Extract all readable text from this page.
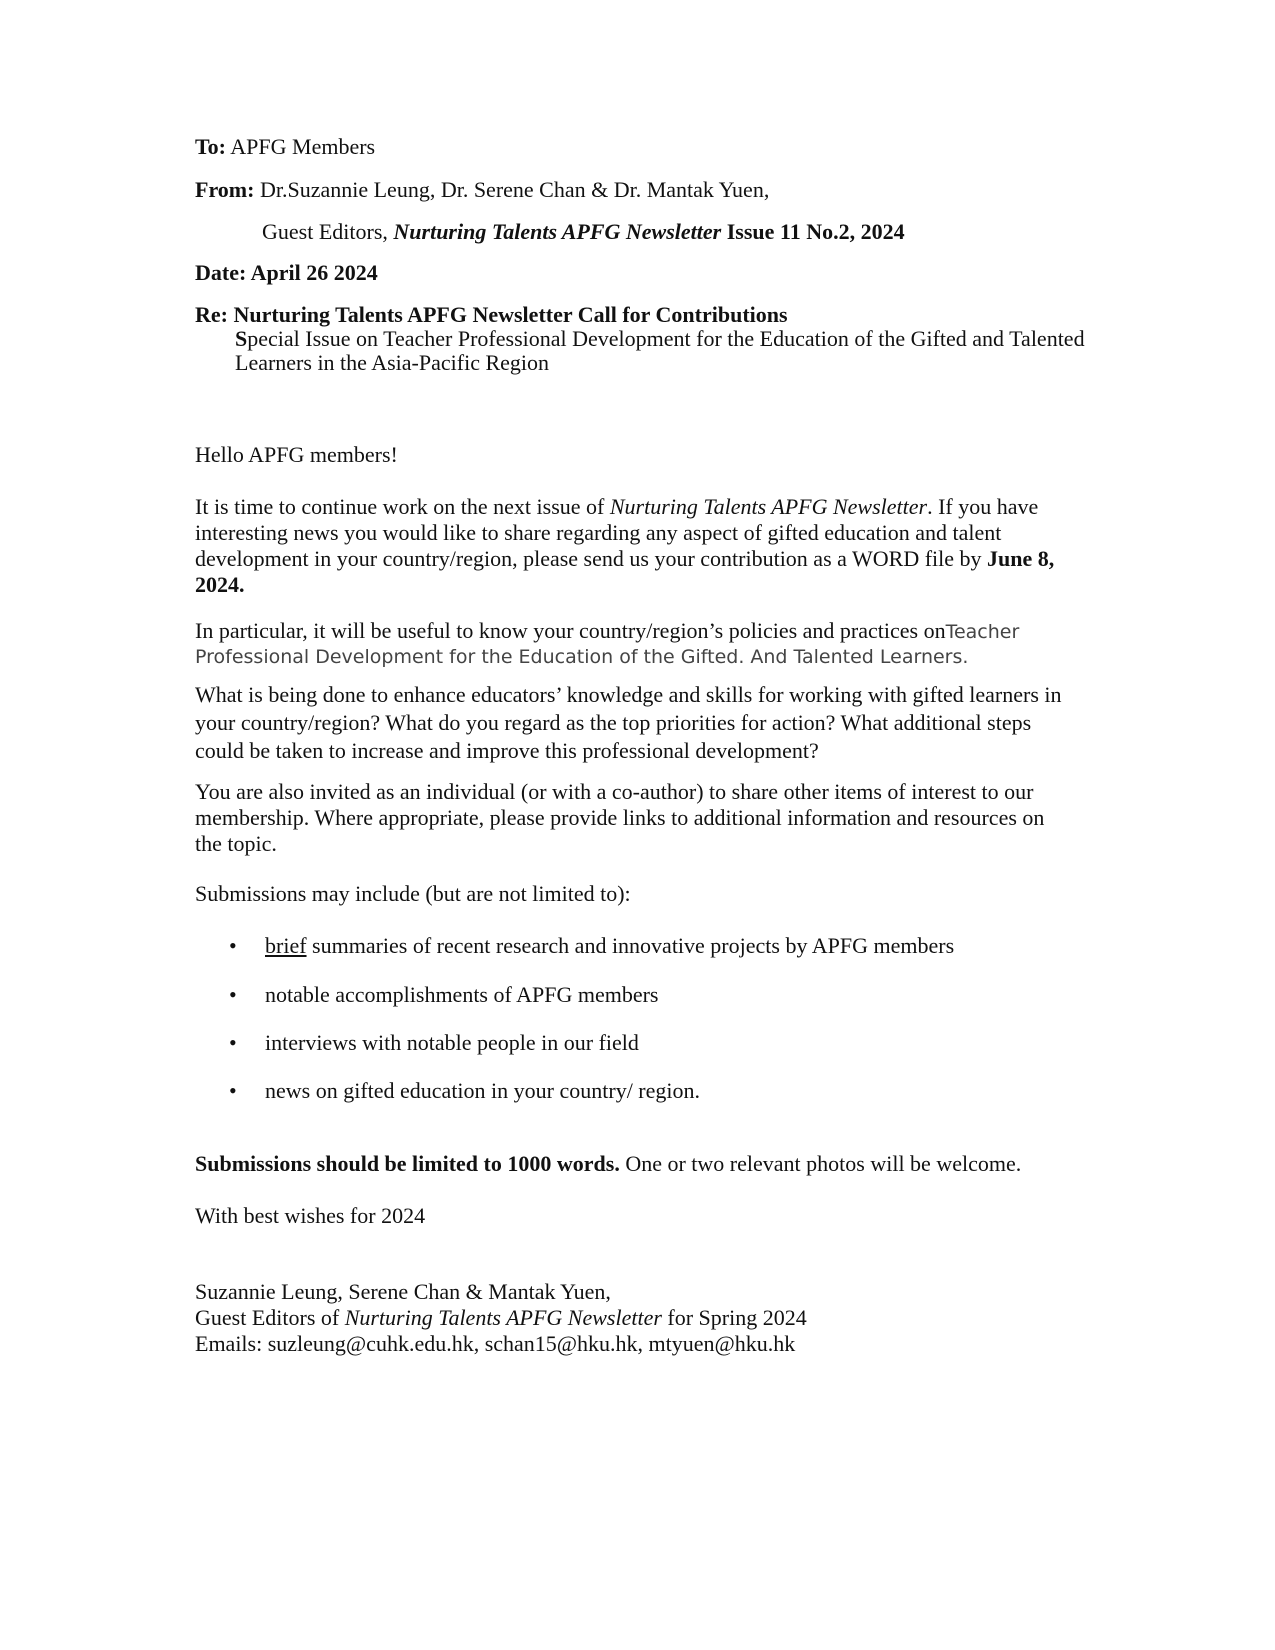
To: APFG Members

From: Dr.Suzannie Leung, Dr. Serene Chan & Dr. Mantak Yuen,

Guest Editors, Nurturing Talents APFG Newsletter Issue 11 No.2, 2024

Date: April 26 2024

Re: Nurturing Talents APFG Newsletter Call for Contributions

Special Issue on Teacher Professional Development for the Education of the Gifted and Talented Learners in the Asia-Pacific Region

Hello APFG members!

It is time to continue work on the next issue of Nurturing Talents APFG Newsletter. If you have interesting news you would like to share regarding any aspect of gifted education and talent development in your country/region, please send us your contribution as a WORD file by June 8, 2024.

In particular, it will be useful to know your country/region’s policies and practices onTeacher Professional Development for the Education of the Gifted. And Talented Learners.

What is being done to enhance educators’ knowledge and skills for working with gifted learners in your country/region? What do you regard as the top priorities for action? What additional steps could be taken to increase and improve this professional development?

You are also invited as an individual (or with a co-author) to share other items of interest to our membership. Where appropriate, please provide links to additional information and resources on the topic.

Submissions may include (but are not limited to):

• brief summaries of recent research and innovative projects by APFG members
• notable accomplishments of APFG members
• interviews with notable people in our field
• news on gifted education in your country/ region.

Submissions should be limited to 1000 words. One or two relevant photos will be welcome.

With best wishes for 2024

Suzannie Leung, Serene Chan & Mantak Yuen,
Guest Editors of Nurturing Talents APFG Newsletter for Spring 2024
Emails: suzleung@cuhk.edu.hk, schan15@hku.hk, mtyuen@hku.hk
